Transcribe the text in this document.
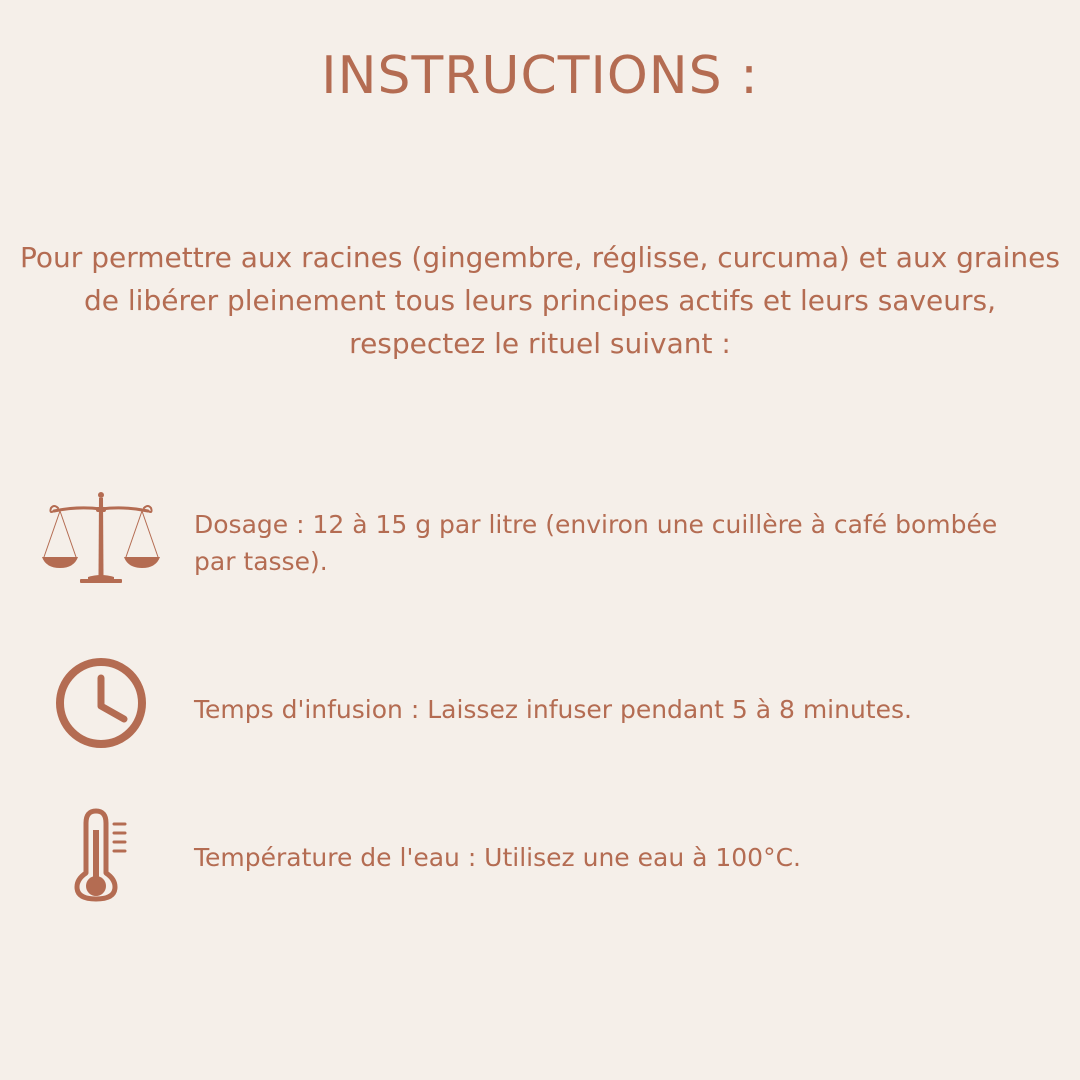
INSTRUCTIONS :
Pour permettre aux racines (gingembre, réglisse, curcuma) et aux graines de libérer pleinement tous leurs principes actifs et leurs saveurs, respectez le rituel suivant :
Dosage : 12 à 15 g par litre (environ une cuillère à café bombée par tasse).
Temps d'infusion : Laissez infuser pendant 5 à 8 minutes.
Température de l'eau : Utilisez une eau à 100°C.
